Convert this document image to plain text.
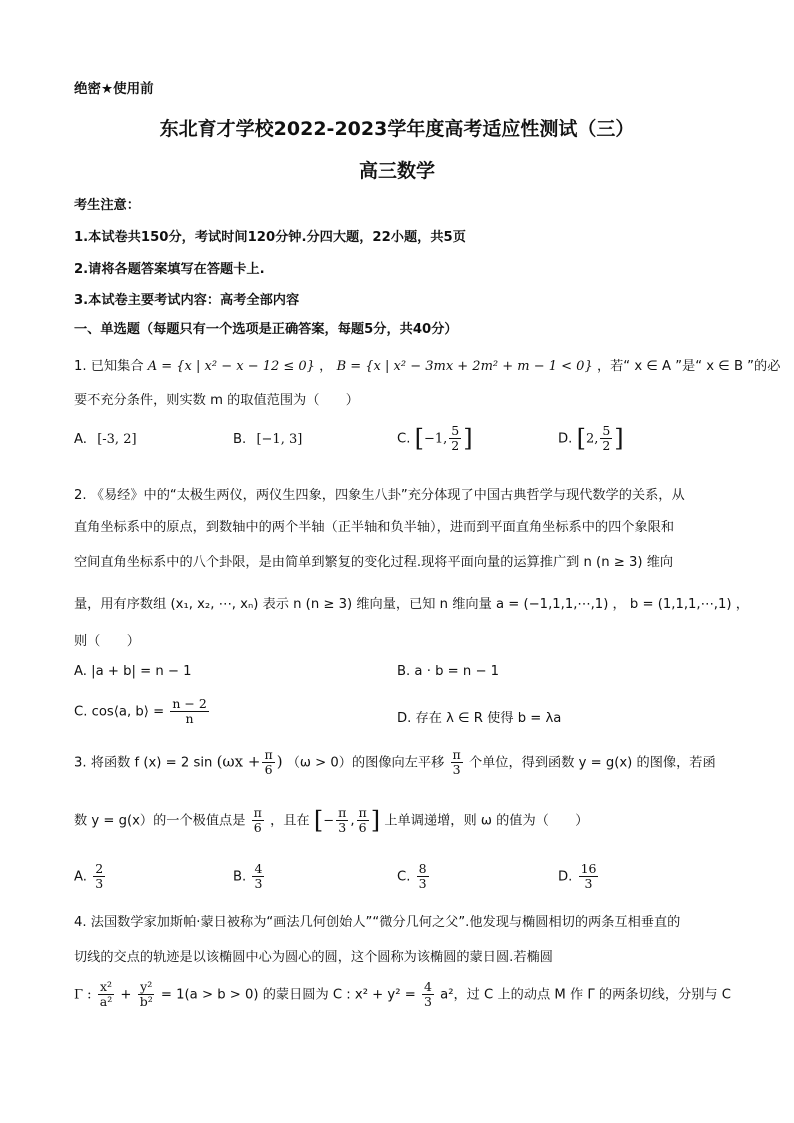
绝密★使用前
东北育才学校2022-2023学年度高考适应性测试（三）
高三数学
考生注意：
1.本试卷共150分，考试时间120分钟.分四大题，22小题，共5页
2.请将各题答案填写在答题卡上.
3.本试卷主要考试内容：高考全部内容
一、单选题（每题只有一个选项是正确答案，每题5分，共40分）
1. 已知集合 A = {x | x² − x − 12 ≤ 0} ， B = {x | x² − 3mx + 2m² + m − 1 < 0} ，若“ x ∈ A ”是“ x ∈ B ”的必
要不充分条件，则实数 m 的取值范围为（　　）
A. [-3, 2]	B. [−1, 3]	C. [−1, $\frac{5}{2}$ ]	D. [2, $\frac{5}{2}$ ]
2. 《易经》中的“太极生两仪，两仪生四象，四象生八卦”充分体现了中国古典哲学与现代数学的关系，从
直角坐标系中的原点，到数轴中的两个半轴（正半轴和负半轴），进而到平面直角坐标系中的四个象限和
空间直角坐标系中的八个卦限，是由简单到繁复的变化过程.现将平面向量的运算推广到 n (n ≥ 3) 维向
量，用有序数组 (x₁, x₂, ⋯, xₙ) 表示 n (n ≥ 3) 维向量，已知 n 维向量 a = (−1,1,1,⋯,1) ， b = (1,1,1,⋯,1) ，
则（　　）
A. |a + b| = n − 1	B. a · b = n − 1
C. cos⟨a, b⟩ = $\frac{n - 2}{n}$	D. 存在 λ ∈ R 使得 b = λa
3. 将函数 f (x) = 2 $\sin (\omega x + \frac{\pi}{6}$ ) （ω > 0）的图像向左平移 $\frac{\pi}{3}$ 个单位，得到函数 y = g(x) 的图像，若函
数 y = g(x）的一个极值点是 $\frac{\pi}{6}$ ，且在 [− $\frac{\pi}{3}$ , $\frac{\pi}{6}$ ] 上单调递增，则 ω 的值为（　　）
A. $\frac{2}{3}$	B. $\frac{4}{3}$	C. $\frac{8}{3}$	D. $\frac{16}{3}$
4. 法国数学家加斯帕·蒙日被称为“画法几何创始人”“微分几何之父”.他发现与椭圆相切的两条互相垂直的
切线的交点的轨迹是以该椭圆中心为圆心的圆，这个圆称为该椭圆的蒙日圆.若椭圆
Γ : $\frac{\text{x²}}{\text{a²}} + \frac{\text{y²}}{\text{b²}} = 1(a > b > 0)$ 的蒙日圆为 C : $x^2 + y^2 = \frac{4}{3} a^2$，过 C 上的动点 M 作 Γ 的两条切线，分别与 C
